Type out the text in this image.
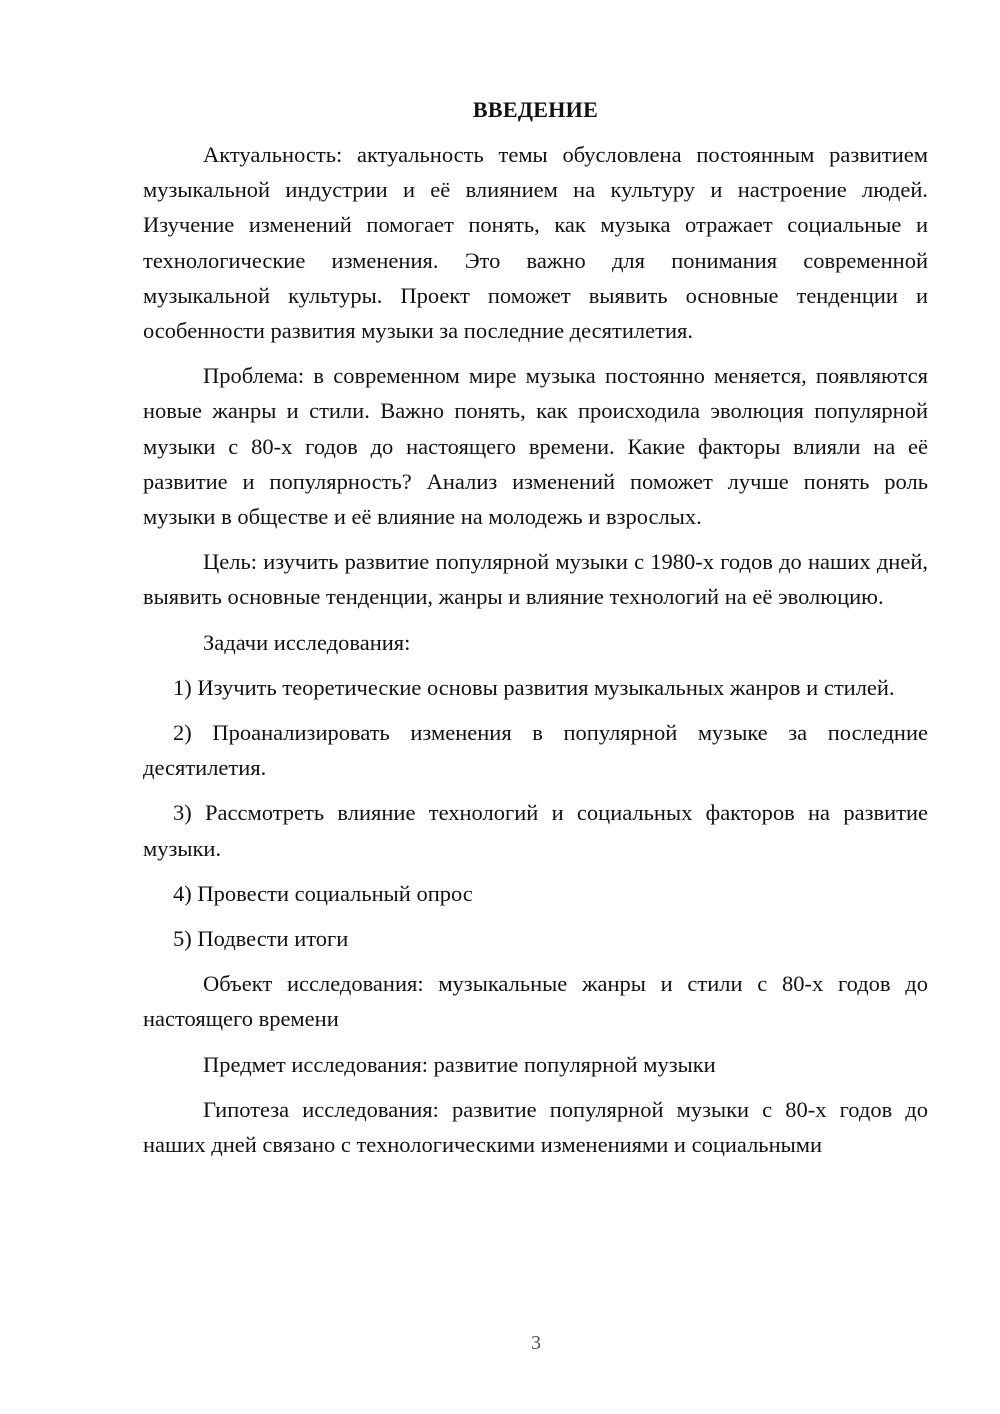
ВВЕДЕНИЕ

Актуальность: актуальность темы обусловлена постоянным развитием музыкальной индустрии и её влиянием на культуру и настроение людей. Изучение изменений помогает понять, как музыка отражает социальные и технологические изменения. Это важно для понимания современной музыкальной культуры. Проект поможет выявить основные тенденции и особенности развития музыки за последние десятилетия.

Проблема: в современном мире музыка постоянно меняется, появляются новые жанры и стили. Важно понять, как происходила эволюция популярной музыки с 80-х годов до настоящего времени. Какие факторы влияли на её развитие и популярность? Анализ изменений поможет лучше понять роль музыки в обществе и её влияние на молодежь и взрослых.

Цель: изучить развитие популярной музыки с 1980-х годов до наших дней, выявить основные тенденции, жанры и влияние технологий на её эволюцию.

Задачи исследования:

1) Изучить теоретические основы развития музыкальных жанров и стилей.

2) Проанализировать изменения в популярной музыке за последние десятилетия.

3) Рассмотреть влияние технологий и социальных факторов на развитие музыки.

4) Провести социальный опрос

5) Подвести итоги

Объект исследования: музыкальные жанры и стили с 80-х годов до настоящего времени

Предмет исследования: развитие популярной музыки

Гипотеза исследования: развитие популярной музыки с 80-х годов до наших дней связано с технологическими изменениями и социальными

3
